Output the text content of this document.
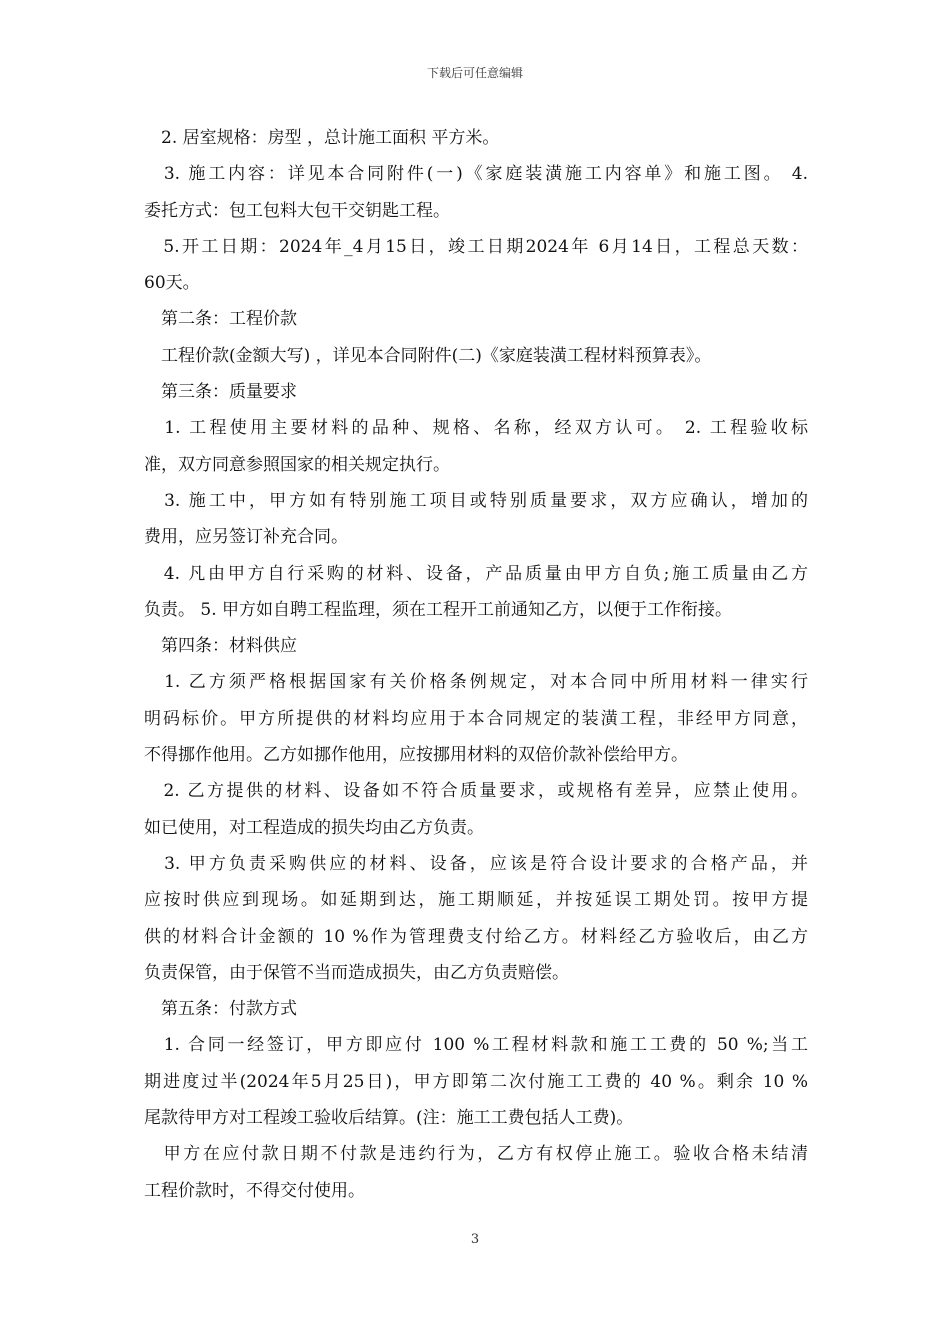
下载后可任意编辑
　2. 居室规格：房型 ，总计施工面积 平方米。
　3. 施工内容：详见本合同附件(一)《家庭装潢施工内容单》和施工图。 4.
委托方式：包工包料大包干交钥匙工程。
　5.开工日期：2024年_4月15日，竣工日期2024年 6月14日，工程总天数：
60天。
　第二条：工程价款
　工程价款(金额大写) ，详见本合同附件(二)《家庭装潢工程材料预算表》。
　第三条：质量要求
　1. 工程使用主要材料的品种、规格、名称，经双方认可。 2. 工程验收标
准，双方同意参照国家的相关规定执行。
　3. 施工中，甲方如有特别施工项目或特别质量要求，双方应确认，增加的
费用，应另签订补充合同。
　4. 凡由甲方自行采购的材料、设备，产品质量由甲方自负;施工质量由乙方
负责。 5. 甲方如自聘工程监理，须在工程开工前通知乙方，以便于工作衔接。
　第四条：材料供应
　1. 乙方须严格根据国家有关价格条例规定，对本合同中所用材料一律实行
明码标价。甲方所提供的材料均应用于本合同规定的装潢工程，非经甲方同意，
不得挪作他用。乙方如挪作他用，应按挪用材料的双倍价款补偿给甲方。
　2. 乙方提供的材料、设备如不符合质量要求，或规格有差异，应禁止使用。
如已使用，对工程造成的损失均由乙方负责。
　3. 甲方负责采购供应的材料、设备，应该是符合设计要求的合格产品，并
应按时供应到现场。如延期到达，施工期顺延，并按延误工期处罚。按甲方提
供的材料合计金额的 10 %作为管理费支付给乙方。材料经乙方验收后，由乙方
负责保管，由于保管不当而造成损失，由乙方负责赔偿。
　第五条：付款方式
　1. 合同一经签订，甲方即应付 100 %工程材料款和施工工费的 50 %;当工
期进度过半(2024年5月25日)，甲方即第二次付施工工费的 40 %。剩余 10 %
尾款待甲方对工程竣工验收后结算。(注：施工工费包括人工费)。
　甲方在应付款日期不付款是违约行为，乙方有权停止施工。验收合格未结清
工程价款时，不得交付使用。
3
